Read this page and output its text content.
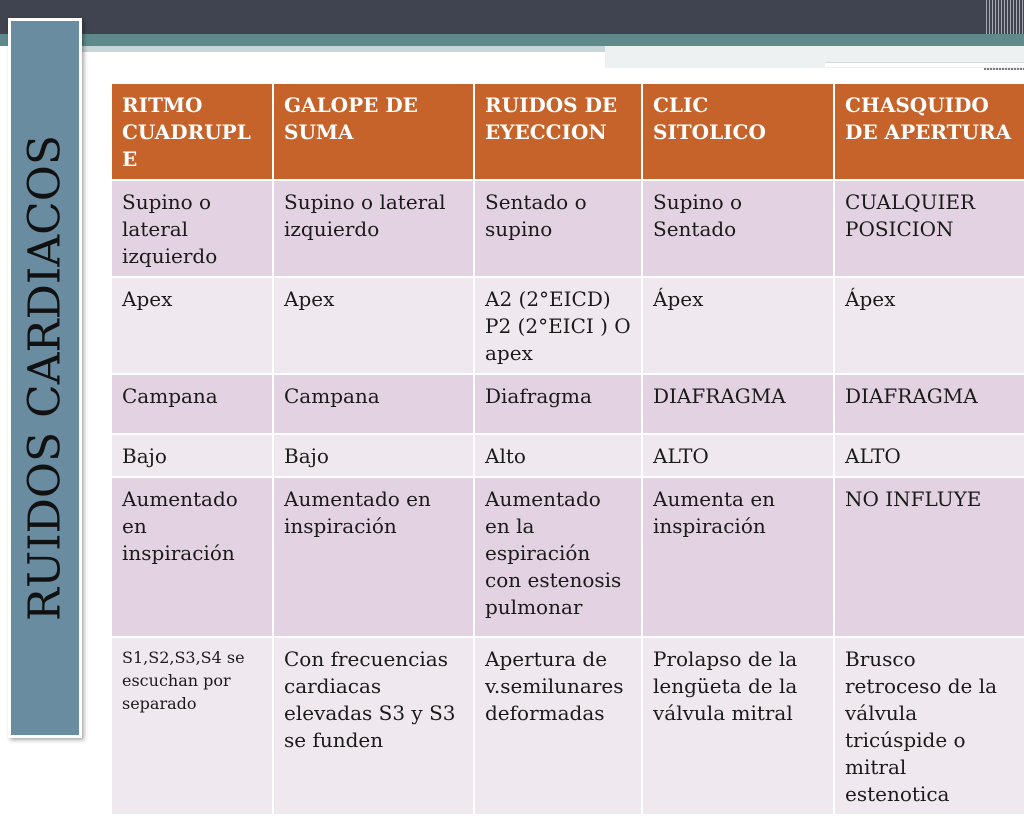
RUIDOS CARDIACOS
RITMO CUADRUPL E	GALOPE DE SUMA	RUIDOS DE EYECCION	CLIC SITOLICO	CHASQUIDO DE APERTURA
Supino o lateral izquierdo	Supino o lateral izquierdo	Sentado o supino	Supino o Sentado	CUALQUIER POSICION
Apex	Apex	A2 (2°EICD) P2 (2°EICI ) O apex	Ápex	Ápex
Campana	Campana	Diafragma	DIAFRAGMA	DIAFRAGMA
Bajo	Bajo	Alto	ALTO	ALTO
Aumentado en inspiración	Aumentado en inspiración	Aumentado en la espiración con estenosis pulmonar	Aumenta en inspiración	NO INFLUYE
S1,S2,S3,S4 se escuchan por separado	Con frecuencias cardiacas elevadas S3 y S3 se funden	Apertura de v.semilunares deformadas	Prolapso de la lengüeta de la válvula mitral	Brusco retroceso de la válvula tricúspide o mitral estenotica
